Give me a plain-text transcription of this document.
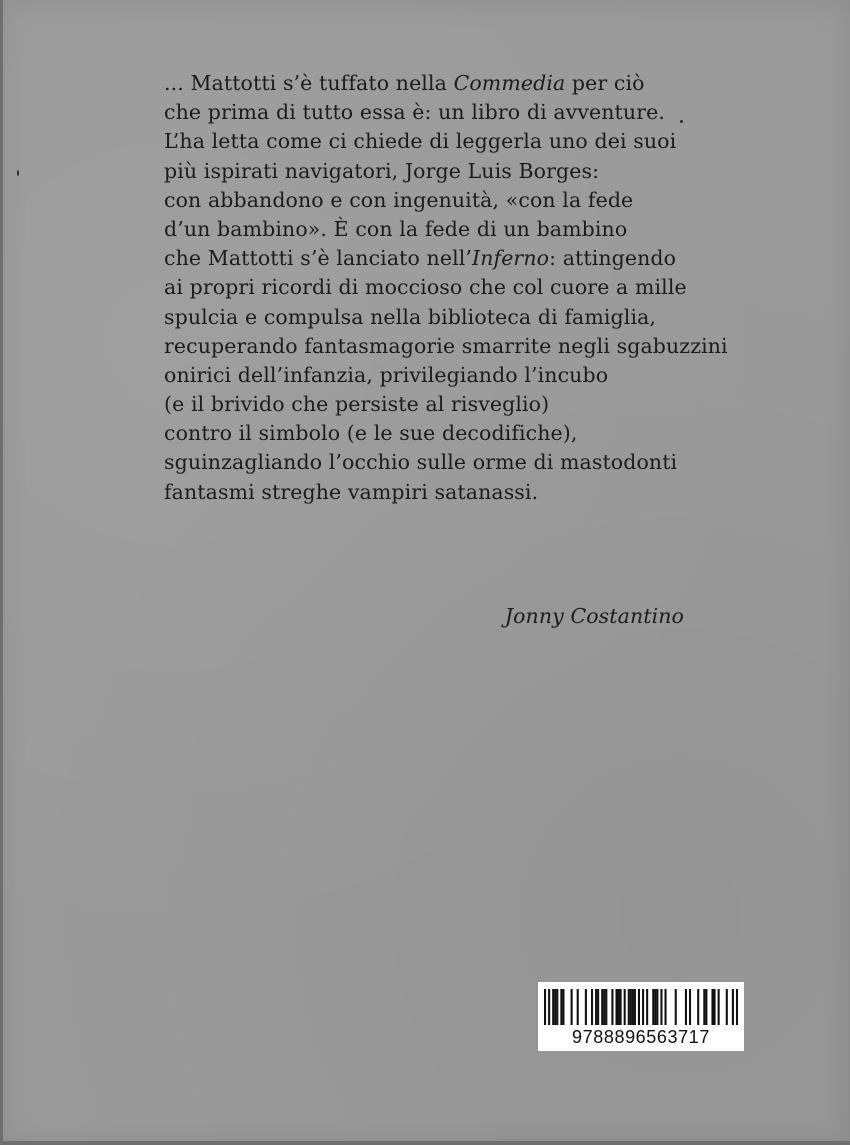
... Mattotti s’è tuffato nella Commedia per ciò
che prima di tutto essa è: un libro di avventure.
L’ha letta come ci chiede di leggerla uno dei suoi
più ispirati navigatori, Jorge Luis Borges:
con abbandono e con ingenuità, «con la fede
d’un bambino». È con la fede di un bambino
che Mattotti s’è lanciato nell’Inferno: attingendo
ai propri ricordi di moccioso che col cuore a mille
spulcia e compulsa nella biblioteca di famiglia,
recuperando fantasmagorie smarrite negli sgabuzzini
onirici dell’infanzia, privilegiando l’incubo
(e il brivido che persiste al risveglio)
contro il simbolo (e le sue decodifiche),
sguinzagliando l’occhio sulle orme di mastodonti
fantasmi streghe vampiri satanassi.
Jonny Costantino
9788896563717
